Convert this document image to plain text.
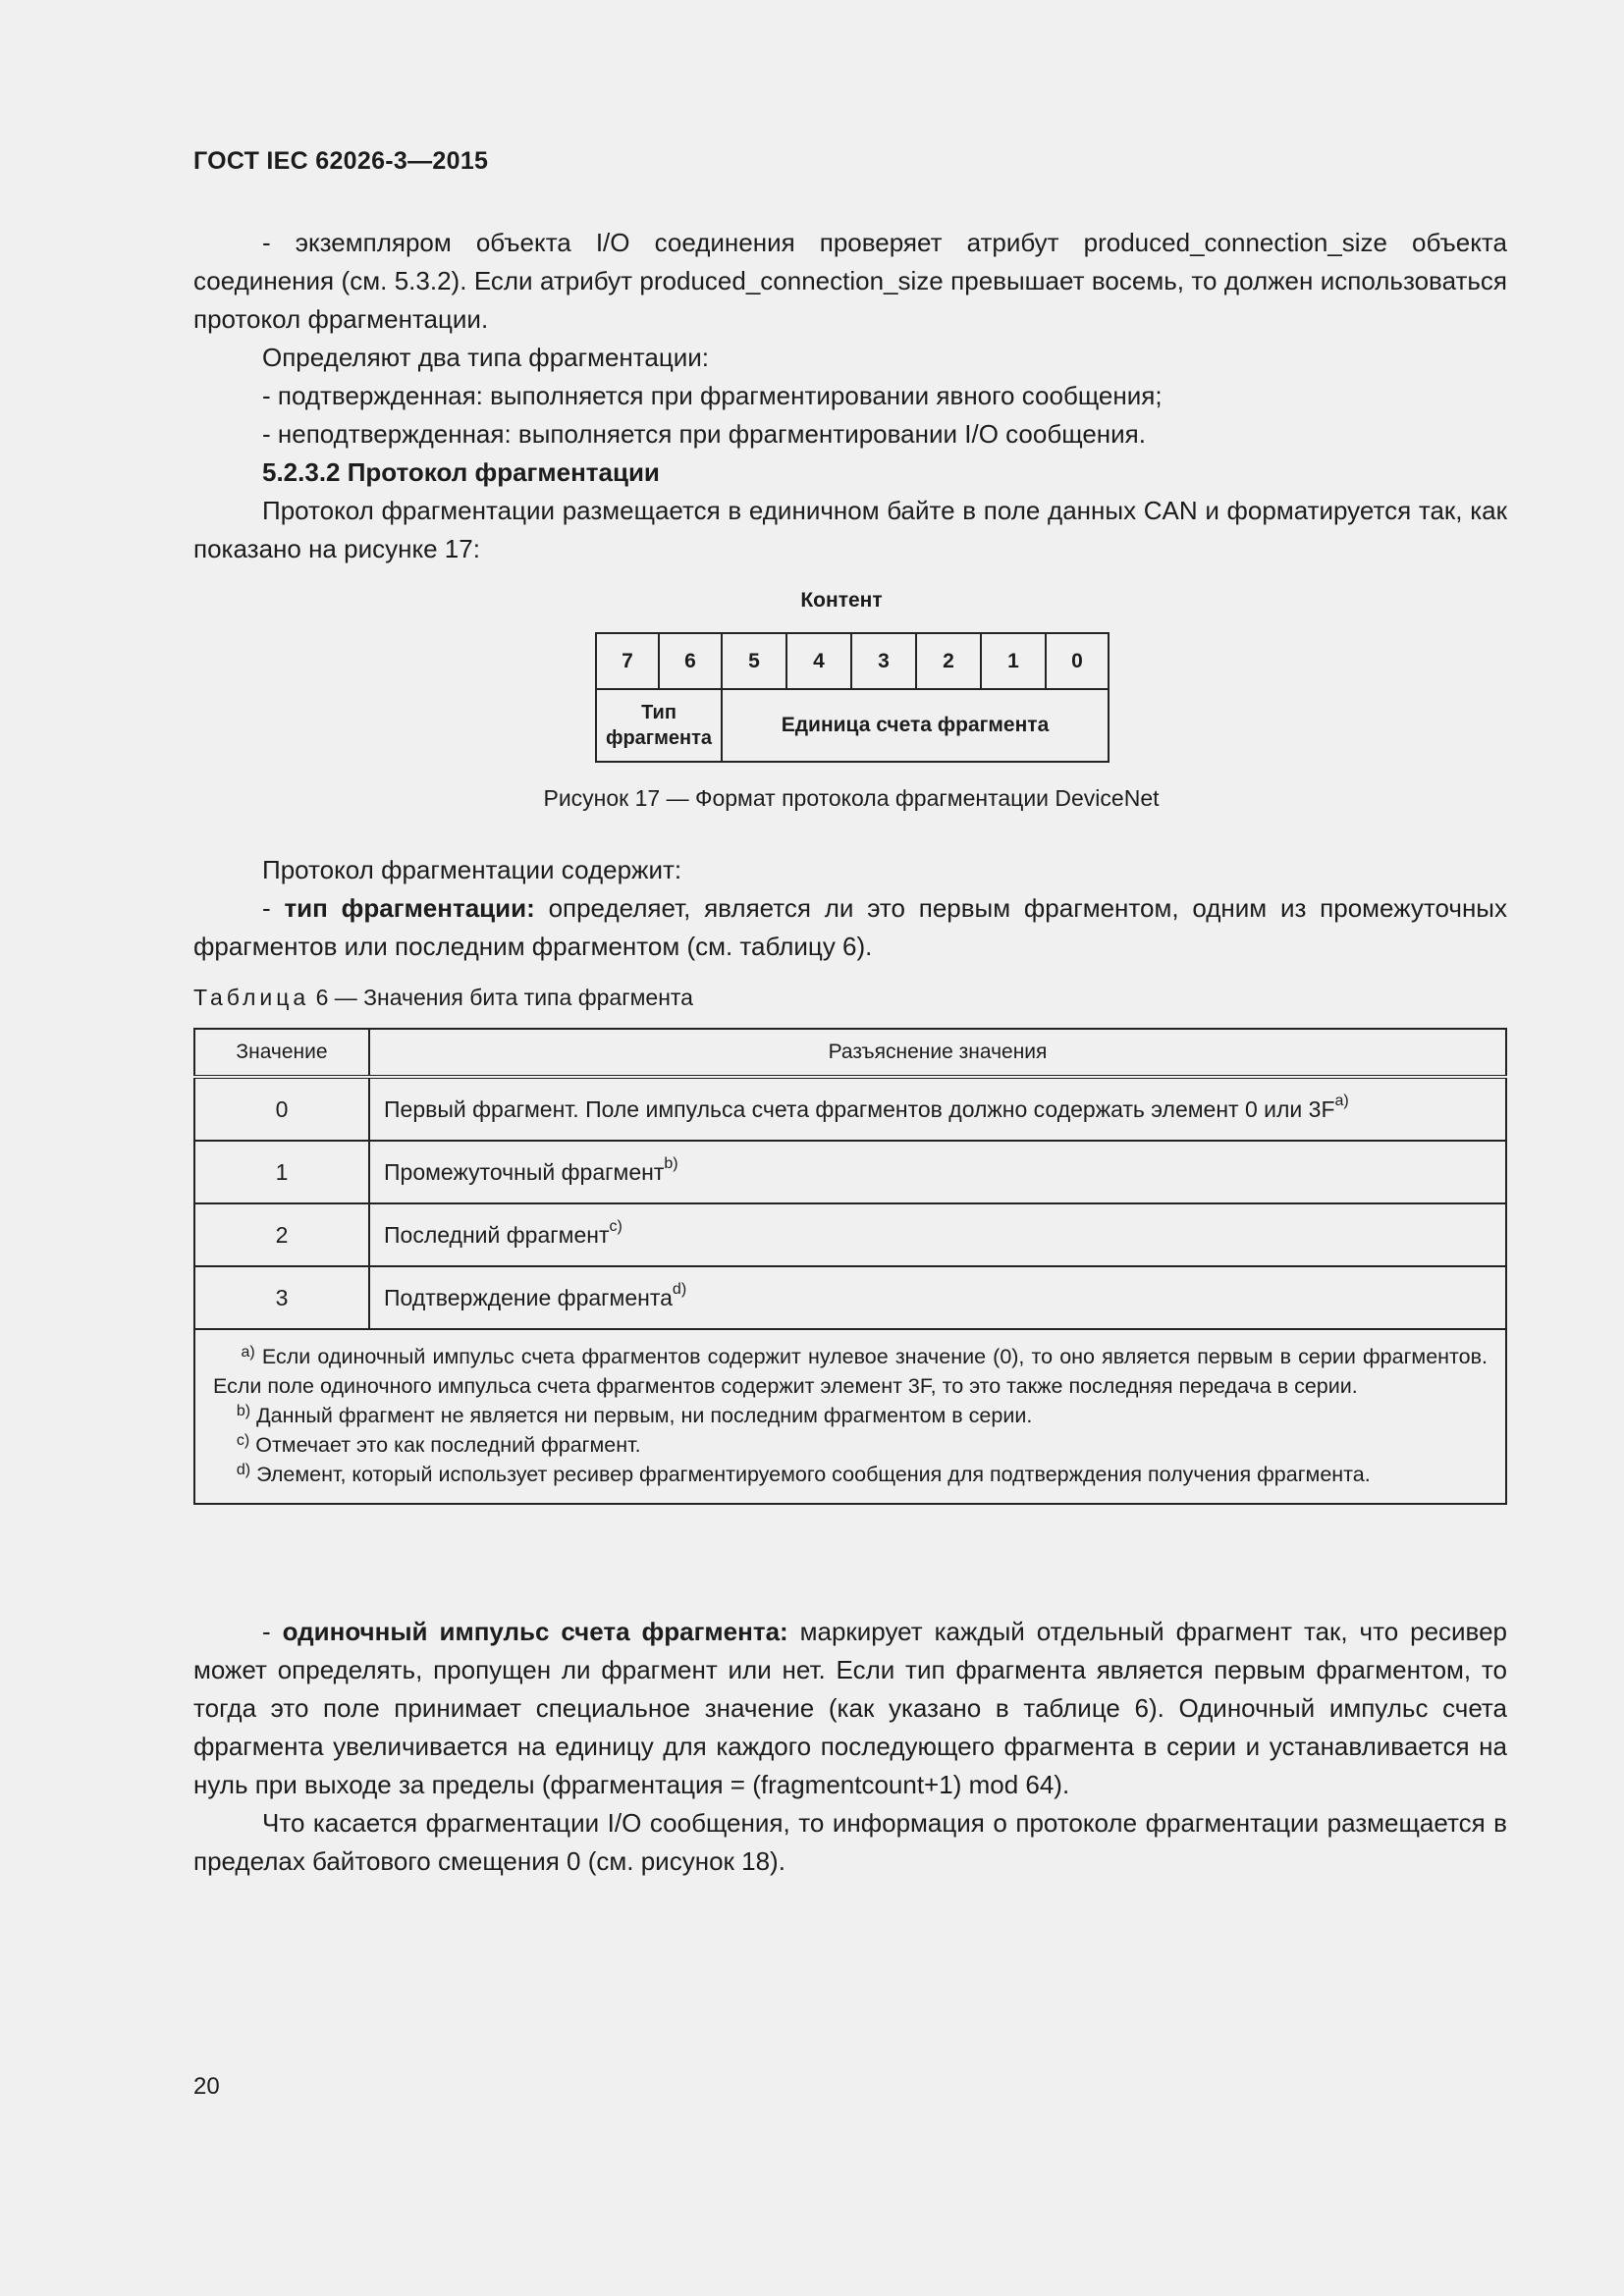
ГОСТ IEC 62026-3—2015

- экземпляром объекта I/O соединения проверяет атрибут produced_connection_size объекта соединения (см. 5.3.2). Если атрибут produced_connection_size превышает восемь, то должен использоваться протокол фрагментации.

Определяют два типа фрагментации:

- подтвержденная: выполняется при фрагментировании явного сообщения;

- неподтвержденная: выполняется при фрагментировании I/O сообщения.

5.2.3.2 Протокол фрагментации

Протокол фрагментации размещается в единичном байте в поле данных CAN и форматируется так, как показано на рисунке 17:

Контент
7	6	5	4	3	2	1	0

Тип
фрагмента		Единица счета фрагмента					
Рисунок 17 — Формат протокола фрагментации DeviceNet

Протокол фрагментации содержит:

- тип фрагментации: определяет, является ли это первым фрагментом, одним из промежуточных фрагментов или последним фрагментом (см. таблицу 6).

Таблица 6 — Значения бита типа фрагмента
Значение	Разъяснение значения
0	Первый фрагмент. Поле импульса счета фрагментов должно содержать элемент 0 или $3F^{a)}$
1	Промежуточный фрагмент$^{b)}$
2	Последний фрагмент$^{c)}$
3	Подтверждение фрагмента$^{d)}$

$^{a)}$ Если одиночный импульс счета фрагментов содержит нулевое значение (0), то оно является первым в серии фрагментов. Если поле одиночного импульса счета фрагментов содержит элемент 3F, то это также последняя передача в серии.
$^{b)}$ Данный фрагмент не является ни первым, ни последним фрагментом в серии.
$^{c)}$ Отмечает это как последний фрагмент.
$^{d)}$ Элемент, который использует ресивер фрагментируемого сообщения для подтверждения получения фрагмента.	

- одиночный импульс счета фрагмента: маркирует каждый отдельный фрагмент так, что ресивер может определять, пропущен ли фрагмент или нет. Если тип фрагмента является первым фрагментом, то тогда это поле принимает специальное значение (как указано в таблице 6). Одиночный импульс счета фрагмента увеличивается на единицу для каждого последующего фрагмента в серии и устанавливается на нуль при выходе за пределы (фрагментация = (fragmentcount+1) mod 64).

Что касается фрагментации I/O сообщения, то информация о протоколе фрагментации размещается в пределах байтового смещения 0 (см. рисунок 18).

20
